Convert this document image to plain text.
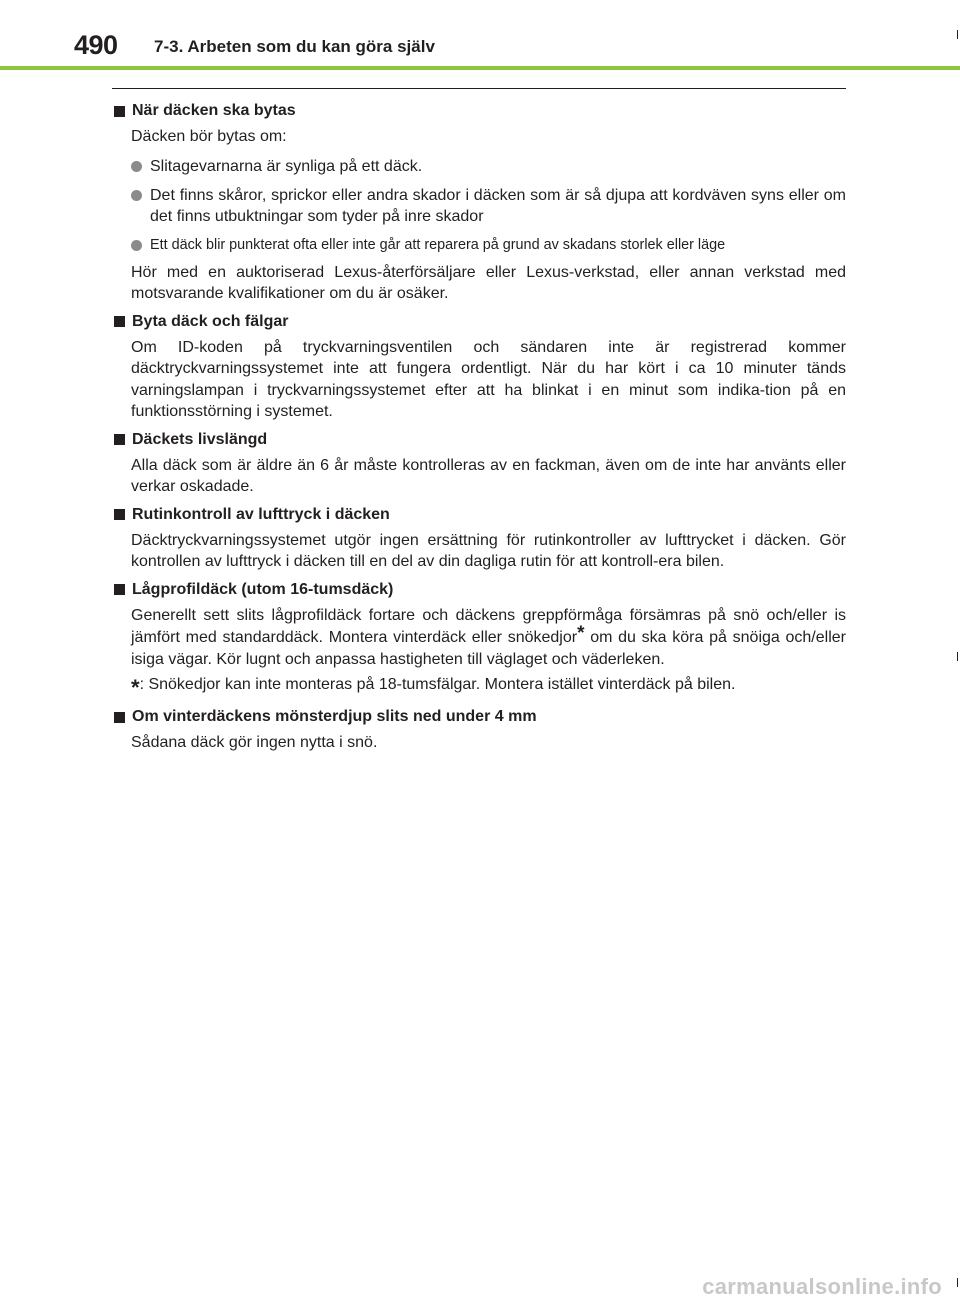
490 7-3. Arbeten som du kan göra själv
När däcken ska bytas

Däcken bör bytas om:

Slitagevarnarna är synliga på ett däck.
Det finns skåror, sprickor eller andra skador i däcken som är så djupa att kordväven syns eller om det finns utbuktningar som tyder på inre skador
Ett däck blir punkterat ofta eller inte går att reparera på grund av skadans storlek eller läge

Hör med en auktoriserad Lexus-återförsäljare eller Lexus-verkstad, eller annan verkstad med motsvarande kvalifikationer om du är osäker.

Byta däck och fälgar

Om ID-koden på tryckvarningsventilen och sändaren inte är registrerad kommer däcktryckvarningssystemet inte att fungera ordentligt. När du har kört i ca 10 minuter tänds varningslampan i tryckvarningssystemet efter att ha blinkat i en minut som indika-tion på en funktionsstörning i systemet.

Däckets livslängd

Alla däck som är äldre än 6 år måste kontrolleras av en fackman, även om de inte har använts eller verkar oskadade.

Rutinkontroll av lufttryck i däcken

Däcktryckvarningssystemet utgör ingen ersättning för rutinkontroller av lufttrycket i däcken. Gör kontrollen av lufttryck i däcken till en del av din dagliga rutin för att kontroll-era bilen.

Lågprofildäck (utom 16-tumsdäck)

Generellt sett slits lågprofildäck fortare och däckens greppförmåga försämras på snö och/eller is jämfört med standarddäck. Montera vinterdäck eller snökedjor* om du ska köra på snöiga och/eller isiga vägar. Kör lugnt och anpassa hastigheten till väglaget och väderleken.

*: Snökedjor kan inte monteras på 18-tumsfälgar. Montera istället vinterdäck på bilen.

Om vinterdäckens mönsterdjup slits ned under 4 mm

Sådana däck gör ingen nytta i snö.

carmanualsonline.info
